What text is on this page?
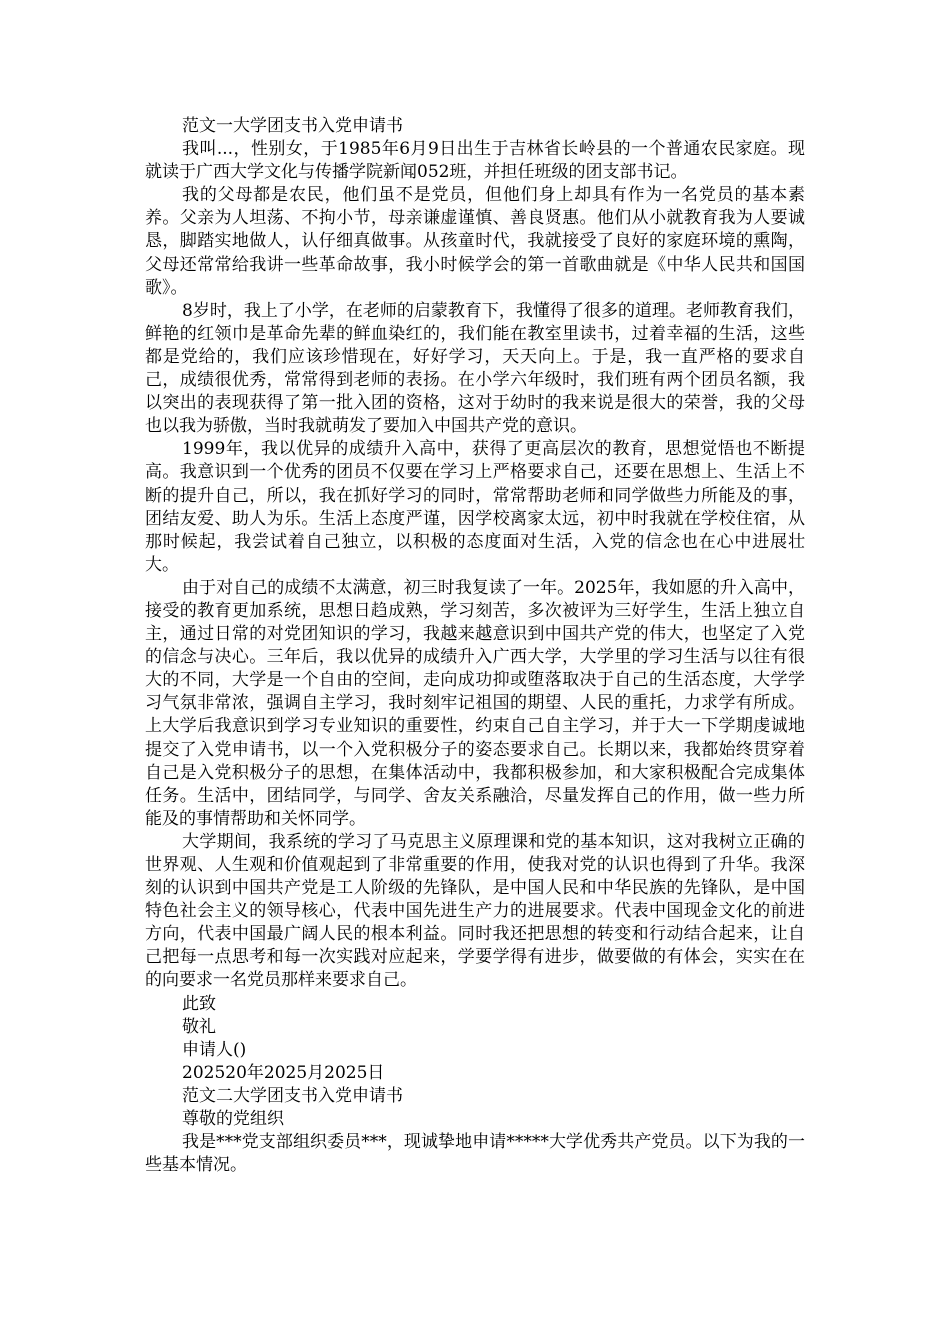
范文一大学团支书入党申请书

我叫...，性别女，于1985年6月9日出生于吉林省长岭县的一个普通农民家庭。现就读于广西大学文化与传播学院新闻052班，并担任班级的团支部书记。

我的父母都是农民，他们虽不是党员，但他们身上却具有作为一名党员的基本素养。父亲为人坦荡、不拘小节，母亲谦虚谨慎、善良贤惠。他们从小就教育我为人要诚恳，脚踏实地做人，认仔细真做事。从孩童时代，我就接受了良好的家庭环境的熏陶，父母还常常给我讲一些革命故事，我小时候学会的第一首歌曲就是《中华人民共和国国歌》。

8岁时，我上了小学，在老师的启蒙教育下，我懂得了很多的道理。老师教育我们，鲜艳的红领巾是革命先辈的鲜血染红的，我们能在教室里读书，过着幸福的生活，这些都是党给的，我们应该珍惜现在，好好学习，天天向上。于是，我一直严格的要求自己，成绩很优秀，常常得到老师的表扬。在小学六年级时，我们班有两个团员名额，我以突出的表现获得了第一批入团的资格，这对于幼时的我来说是很大的荣誉，我的父母也以我为骄傲，当时我就萌发了要加入中国共产党的意识。

1999年，我以优异的成绩升入高中，获得了更高层次的教育，思想觉悟也不断提高。我意识到一个优秀的团员不仅要在学习上严格要求自己，还要在思想上、生活上不断的提升自己，所以，我在抓好学习的同时，常常帮助老师和同学做些力所能及的事，团结友爱、助人为乐。生活上态度严谨，因学校离家太远，初中时我就在学校住宿，从那时候起，我尝试着自己独立，以积极的态度面对生活，入党的信念也在心中进展壮大。

由于对自己的成绩不太满意，初三时我复读了一年。2025年，我如愿的升入高中，接受的教育更加系统，思想日趋成熟，学习刻苦，多次被评为三好学生，生活上独立自主，通过日常的对党团知识的学习，我越来越意识到中国共产党的伟大，也坚定了入党的信念与决心。三年后，我以优异的成绩升入广西大学，大学里的学习生活与以往有很大的不同，大学是一个自由的空间，走向成功抑或堕落取决于自己的生活态度，大学学习气氛非常浓，强调自主学习，我时刻牢记祖国的期望、人民的重托，力求学有所成。上大学后我意识到学习专业知识的重要性，约束自己自主学习，并于大一下学期虔诚地提交了入党申请书，以一个入党积极分子的姿态要求自己。长期以来，我都始终贯穿着自己是入党积极分子的思想，在集体活动中，我都积极参加，和大家积极配合完成集体任务。生活中，团结同学，与同学、舍友关系融洽，尽量发挥自己的作用，做一些力所能及的事情帮助和关怀同学。

大学期间，我系统的学习了马克思主义原理课和党的基本知识，这对我树立正确的世界观、人生观和价值观起到了非常重要的作用，使我对党的认识也得到了升华。我深刻的认识到中国共产党是工人阶级的先锋队，是中国人民和中华民族的先锋队，是中国特色社会主义的领导核心，代表中国先进生产力的进展要求。代表中国现金文化的前进方向，代表中国最广阔人民的根本利益。同时我还把思想的转变和行动结合起来，让自己把每一点思考和每一次实践对应起来，学要学得有进步，做要做的有体会，实实在在的向要求一名党员那样来要求自己。

此致

敬礼

申请人()

202520年2025月2025日

范文二大学团支书入党申请书

尊敬的党组织

我是***党支部组织委员***，现诚挚地申请*****大学优秀共产党员。以下为我的一些基本情况。
